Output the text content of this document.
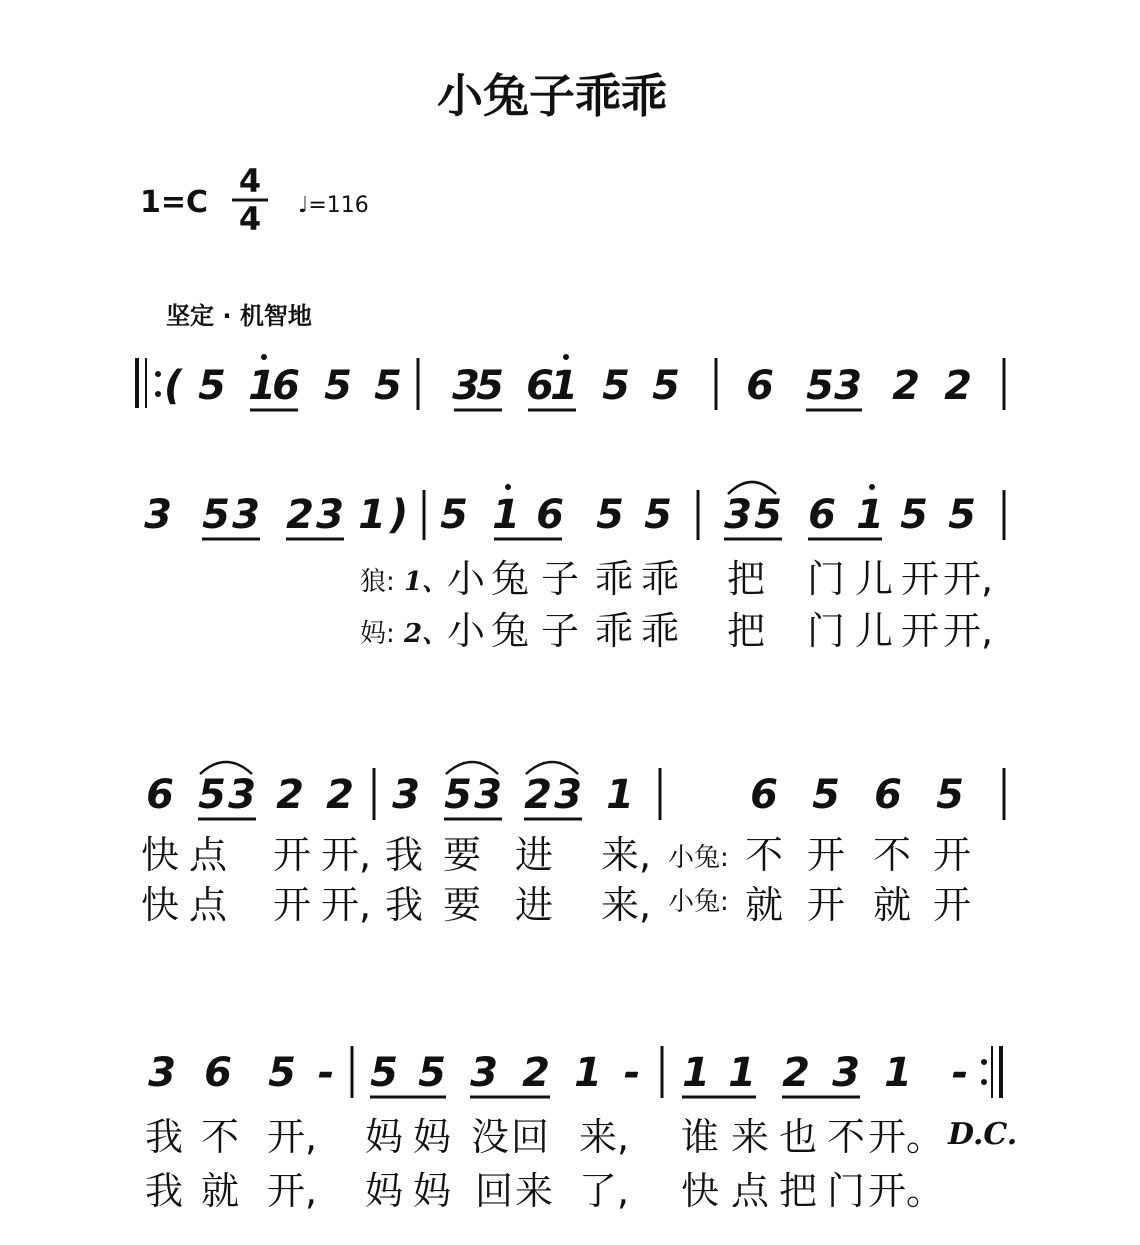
小兔子乖乖
1=C
4
4 ♩=116
坚定 · 机智地
( 5 1
6 5 5 3
5 6
1 5 5 6 5 3 2 2
3 5 3 2 3 1 ) 5 1 6 5 5 3 5 6 1 5 5
狼: 1、
小 兔 子 乖 乖 把 门 儿 开 开,
妈: 2、
小 兔 子 乖 乖 把 门 儿 开 开,
6 5 3 2 2 3 5 3 2 3 1	6 5 6 5
快 点 开 开, 我 要 进 来, 小兔: 不 开 不 开
快 点 开 开, 我 要 进 来, 小兔: 就 开 就 开
3 6 5 - 5 5 3 2 1 - 1 1 2 3 1 -
我 不 开, 妈 妈 没 回 来, 谁 来 也 不 开。 D.C.
我 就 开, 妈 妈 回 来 了, 快 点 把 门 开。
